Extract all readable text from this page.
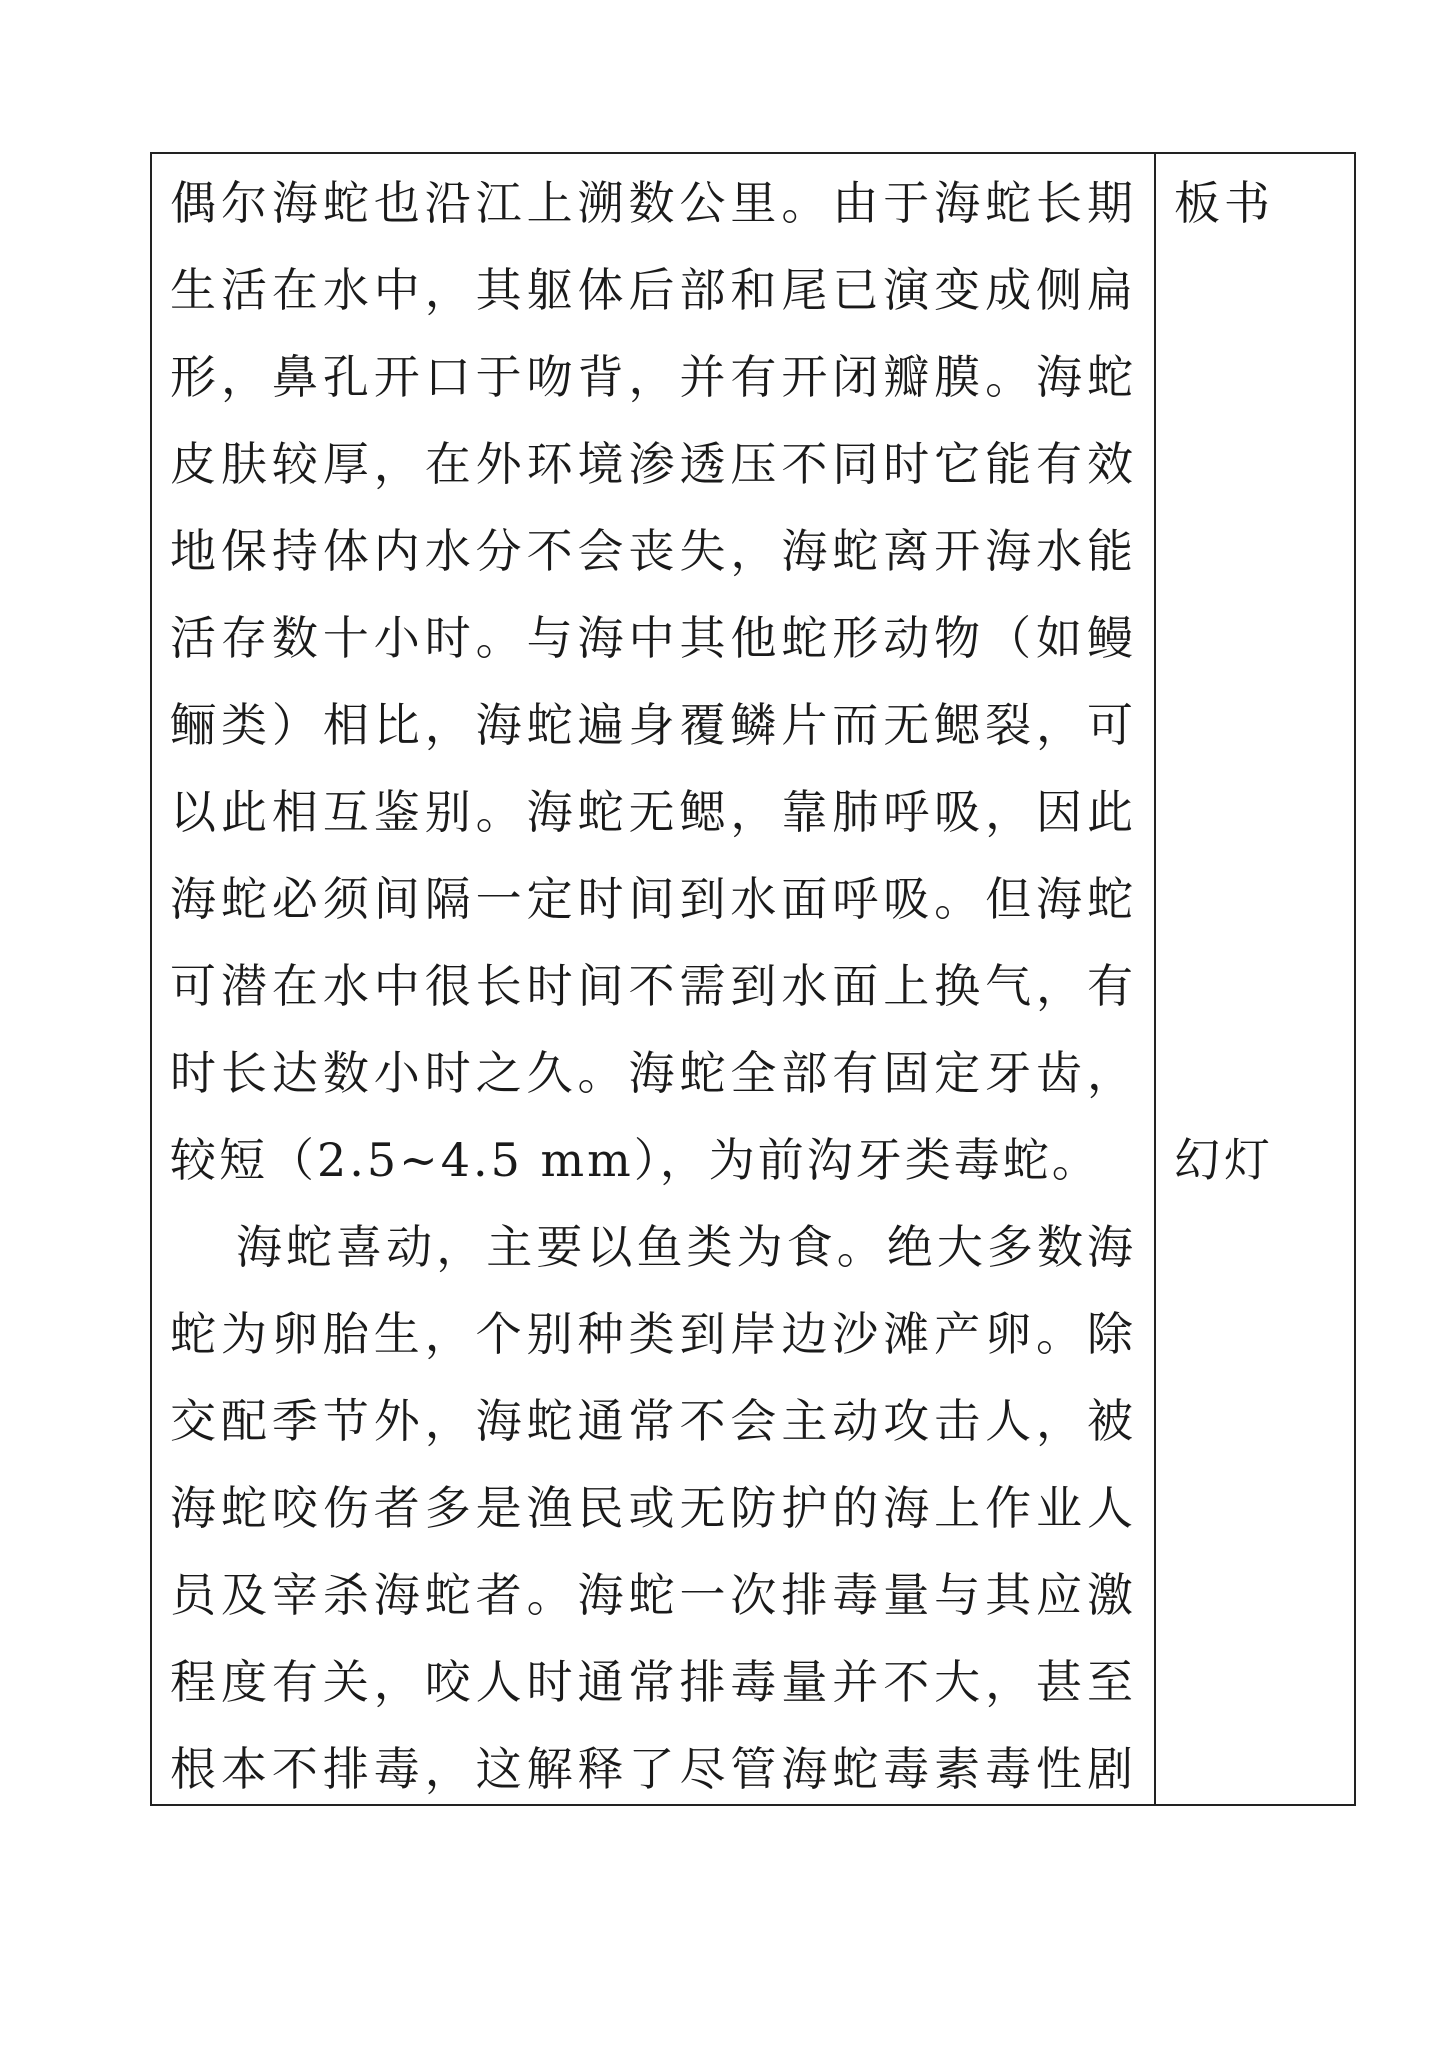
偶尔海蛇也沿江上溯数公里。由于海蛇长期
生活在水中，其躯体后部和尾已演变成侧扁
形，鼻孔开口于吻背，并有开闭瓣膜。海蛇
皮肤较厚，在外环境渗透压不同时它能有效
地保持体内水分不会丧失，海蛇离开海水能
活存数十小时。与海中其他蛇形动物（如鳗
鲡类）相比，海蛇遍身覆鳞片而无鳃裂，可
以此相互鉴别。海蛇无鳃，靠肺呼吸，因此
海蛇必须间隔一定时间到水面呼吸。但海蛇
可潜在水中很长时间不需到水面上换气，有
时长达数小时之久。海蛇全部有固定牙齿，
较短（2.5~4.5 mm），为前沟牙类毒蛇。
海蛇喜动，主要以鱼类为食。绝大多数海
蛇为卵胎生，个别种类到岸边沙滩产卵。除
交配季节外，海蛇通常不会主动攻击人，被
海蛇咬伤者多是渔民或无防护的海上作业人
员及宰杀海蛇者。海蛇一次排毒量与其应激
程度有关，咬人时通常排毒量并不大，甚至
根本不排毒，这解释了尽管海蛇毒素毒性剧
板书
幻灯
